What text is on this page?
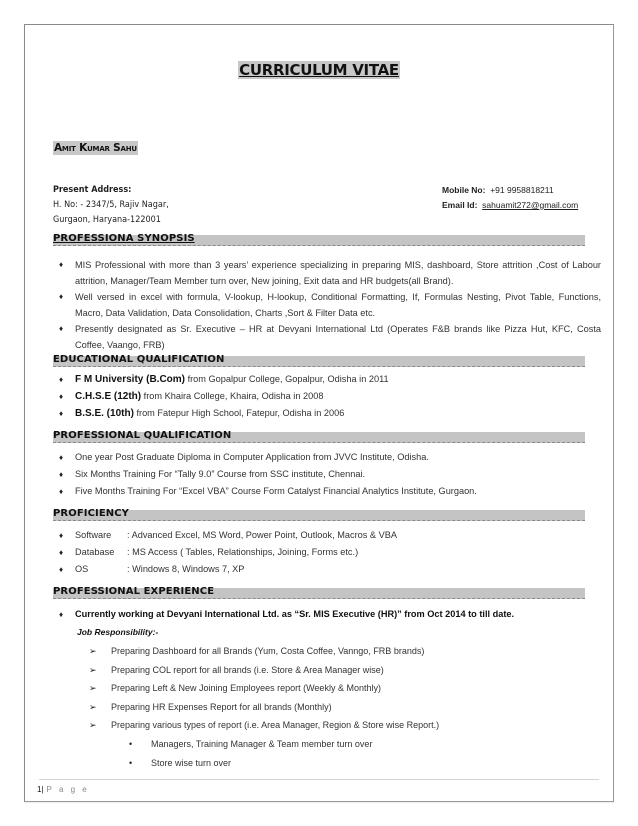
CURRICULUM VITAE
Amit Kumar Sahu
Present Address:
H. No: - 2347/5, Rajiv Nagar,
Gurgaon, Haryana-122001
Mobile No: +91 9958818211
Email Id: sahuamit272@gmail.com
PROFESSIONA SYNOPSIS
♦ MIS Professional with more than 3 years’ experience specializing in preparing MIS, dashboard, Store attrition ,Cost of Labour attrition, Manager/Team Member turn over, New joining, Exit data and HR budgets(all Brand).
♦ Well versed in excel with formula, V-lookup, H-lookup, Conditional Formatting, If, Formulas Nesting, Pivot Table, Functions, Macro, Data Validation, Data Consolidation, Charts ,Sort & Filter Data etc.
♦ Presently designated as Sr. Executive – HR at Devyani International Ltd (Operates F&B brands like Pizza Hut, KFC, Costa Coffee, Vaango, FRB)
EDUCATIONAL QUALIFICATION
♦ F M University (B.Com) from Gopalpur College, Gopalpur, Odisha in 2011
♦ C.H.S.E (12th) from Khaira College, Khaira, Odisha in 2008
♦ B.S.E. (10th) from Fatepur High School, Fatepur, Odisha in 2006
PROFESSIONAL QUALIFICATION
♦ One year Post Graduate Diploma in Computer Application from JVVC Institute, Odisha.
♦ Six Months Training For “Tally 9.0” Course from SSC institute, Chennai.
♦ Five Months Training For “Excel VBA” Course Form Catalyst Financial Analytics Institute, Gurgaon.
PROFICIENCY
♦ Software : Advanced Excel, MS Word, Power Point, Outlook, Macros & VBA
♦ Database : MS Access ( Tables, Relationships, Joining, Forms etc.)
♦ OS	: Windows 8, Windows 7, XP
PROFESSIONAL EXPERIENCE
♦ Currently working at Devyani International Ltd. as “Sr. MIS Executive (HR)” from Oct 2014 to till date.
Job Responsibility:-
➢ Preparing Dashboard for all Brands (Yum, Costa Coffee, Vanngo, FRB brands)
➢ Preparing COL report for all brands (i.e. Store & Area Manager wise)
➢ Preparing Left & New Joining Employees report (Weekly & Monthly)
➢ Preparing HR Expenses Report for all brands (Monthly)
➢ Preparing various types of report (i.e. Area Manager, Region & Store wise Report.)
• Managers, Training Manager & Team member turn over
• Store wise turn over
1| P a g e
